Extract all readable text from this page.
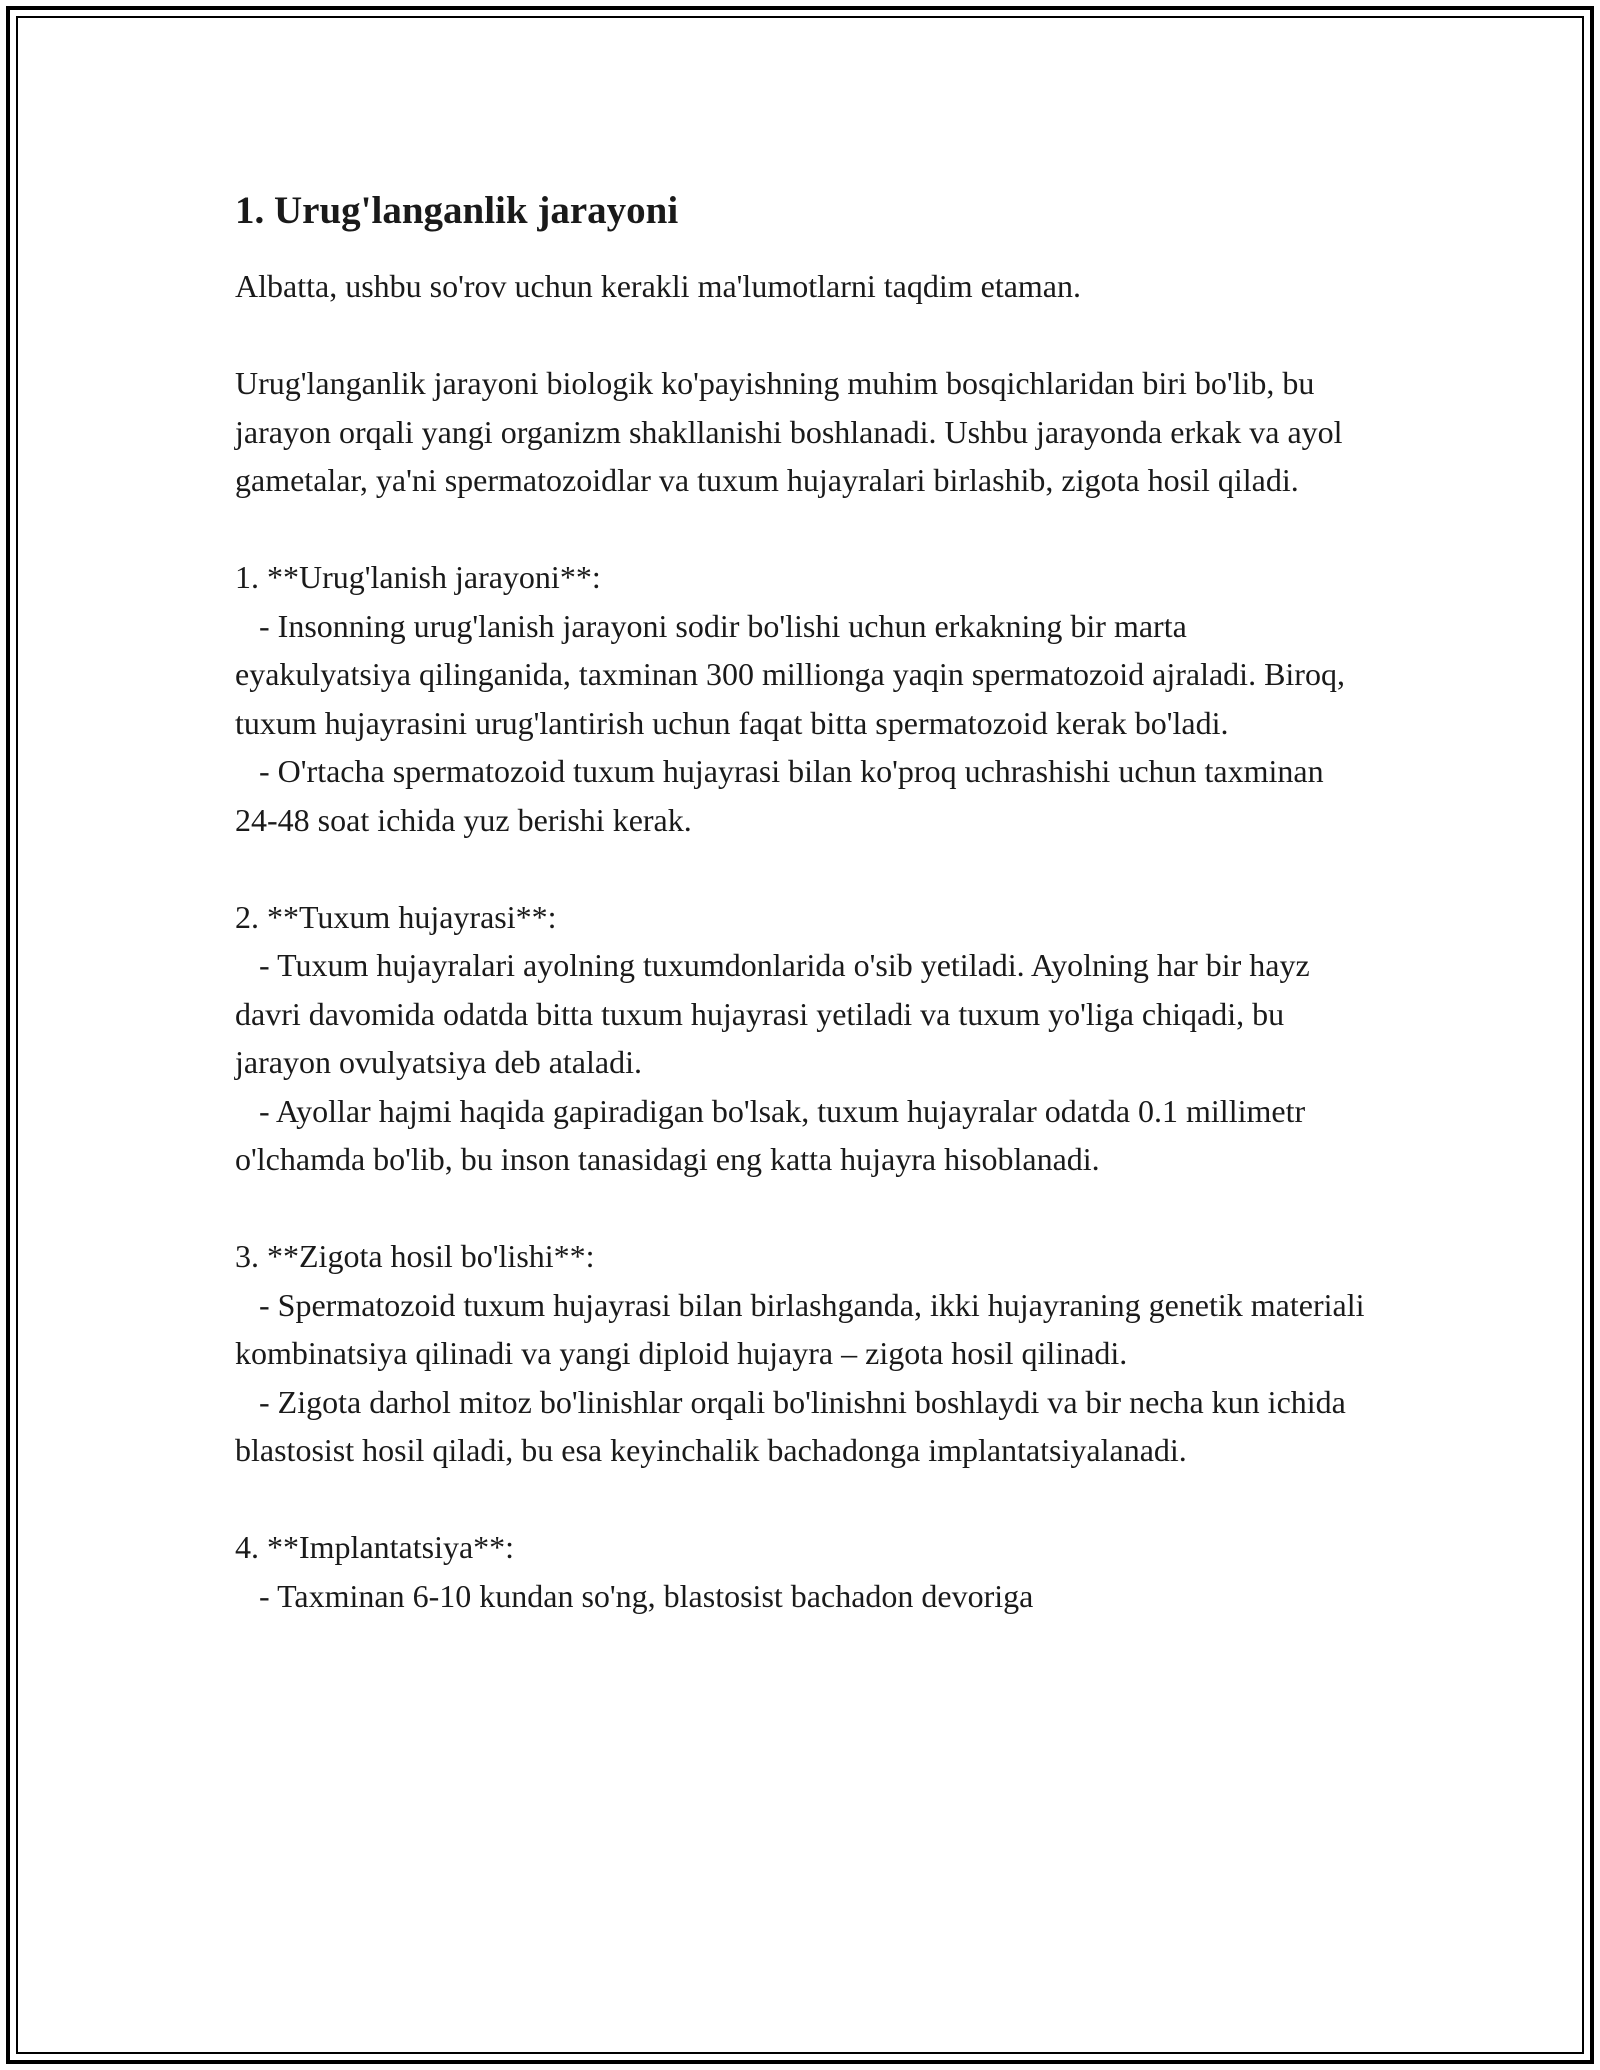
1. Urug'langanlik jarayoni

Albatta, ushbu so'rov uchun kerakli ma'lumotlarni taqdim etaman.

Urug'langanlik jarayoni biologik ko'payishning muhim bosqichlaridan biri bo'lib, bu jarayon orqali yangi organizm shakllanishi boshlanadi. Ushbu jarayonda erkak va ayol gametalar, ya'ni spermatozoidlar va tuxum hujayralari birlashib, zigota hosil qiladi.

1. **Urug'lanish jarayoni**:
- Insonning urug'lanish jarayoni sodir bo'lishi uchun erkakning bir marta eyakulyatsiya qilinganida, taxminan 300 millionga yaqin spermatozoid ajraladi. Biroq, tuxum hujayrasini urug'lantirish uchun faqat bitta spermatozoid kerak bo'ladi.
- O'rtacha spermatozoid tuxum hujayrasi bilan ko'proq uchrashishi uchun taxminan 24-48 soat ichida yuz berishi kerak.

2. **Tuxum hujayrasi**:
- Tuxum hujayralari ayolning tuxumdonlarida o'sib yetiladi. Ayolning har bir hayz davri davomida odatda bitta tuxum hujayrasi yetiladi va tuxum yo'liga chiqadi, bu jarayon ovulyatsiya deb ataladi.
- Ayollar hajmi haqida gapiradigan bo'lsak, tuxum hujayralar odatda 0.1 millimetr o'lchamda bo'lib, bu inson tanasidagi eng katta hujayra hisoblanadi.

3. **Zigota hosil bo'lishi**:
- Spermatozoid tuxum hujayrasi bilan birlashganda, ikki hujayraning genetik materiali kombinatsiya qilinadi va yangi diploid hujayra – zigota hosil qilinadi.
- Zigota darhol mitoz bo'linishlar orqali bo'linishni boshlaydi va bir necha kun ichida blastosist hosil qiladi, bu esa keyinchalik bachadonga implantatsiyalanadi.

4. **Implantatsiya**:
- Taxminan 6-10 kundan so'ng, blastosist bachadon devoriga
